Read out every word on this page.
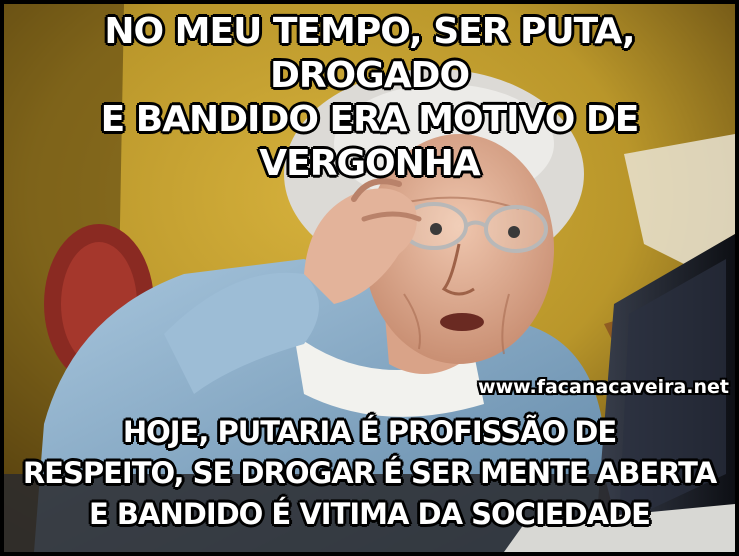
NO MEU TEMPO, SER PUTA, DROGADO
E BANDIDO ERA MOTIVO DE VERGONHA
www.facanacaveira.net
HOJE, PUTARIA É PROFISSÃO DE
RESPEITO, SE DROGAR É SER MENTE ABERTA
E BANDIDO É VITIMA DA SOCIEDADE
